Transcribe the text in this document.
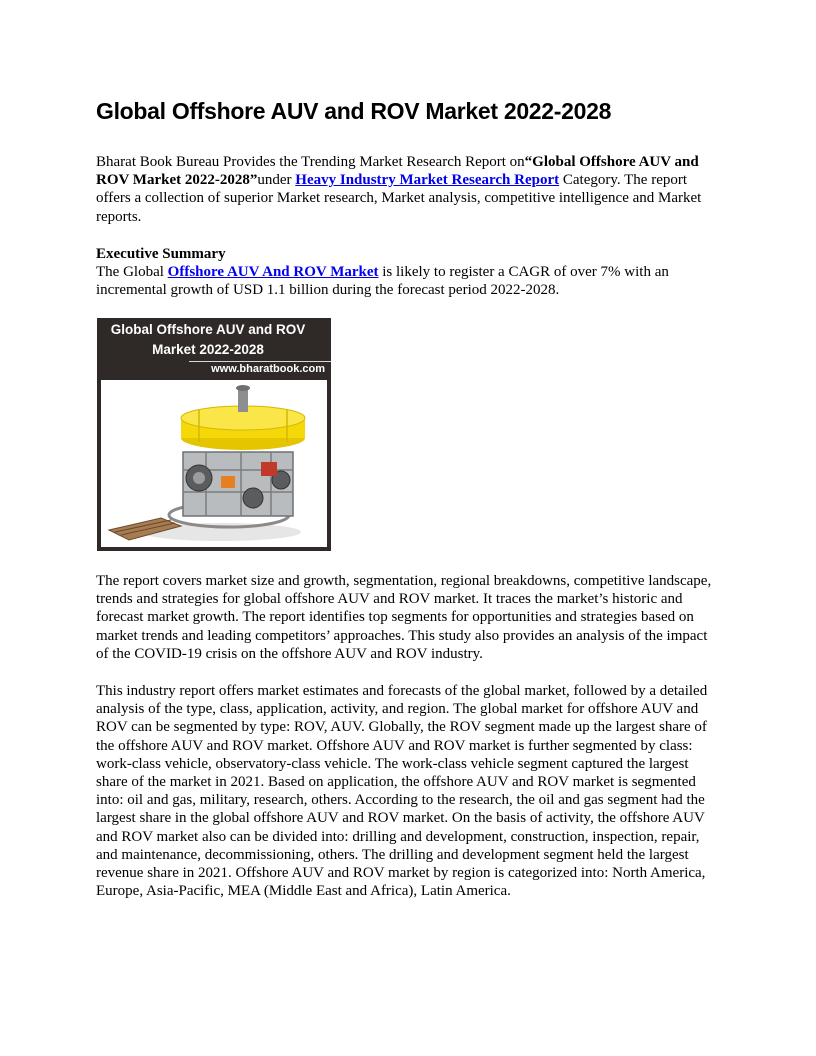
Global Offshore AUV and ROV Market 2022-2028

Bharat Book Bureau Provides the Trending Market Research Report on“Global Offshore AUV and ROV Market 2022-2028”under Heavy Industry Market Research Report Category. The report offers a collection of superior Market research, Market analysis, competitive intelligence and Market reports.

Executive Summary
The Global Offshore AUV And ROV Market is likely to register a CAGR of over 7% with an incremental growth of USD 1.1 billion during the forecast period 2022-2028.

Global Offshore AUV and ROV
Market 2022-2028
www.bharatbook.com

The report covers market size and growth, segmentation, regional breakdowns, competitive landscape, trends and strategies for global offshore AUV and ROV market. It traces the market’s historic and forecast market growth. The report identifies top segments for opportunities and strategies based on market trends and leading competitors’ approaches. This study also provides an analysis of the impact of the COVID-19 crisis on the offshore AUV and ROV industry.

This industry report offers market estimates and forecasts of the global market, followed by a detailed analysis of the type, class, application, activity, and region. The global market for offshore AUV and ROV can be segmented by type: ROV, AUV. Globally, the ROV segment made up the largest share of the offshore AUV and ROV market. Offshore AUV and ROV market is further segmented by class: work-class vehicle, observatory-class vehicle. The work-class vehicle segment captured the largest share of the market in 2021. Based on application, the offshore AUV and ROV market is segmented into: oil and gas, military, research, others. According to the research, the oil and gas segment had the largest share in the global offshore AUV and ROV market. On the basis of activity, the offshore AUV and ROV market also can be divided into: drilling and development, construction, inspection, repair, and maintenance, decommissioning, others. The drilling and development segment held the largest revenue share in 2021. Offshore AUV and ROV market by region is categorized into: North America, Europe, Asia-Pacific, MEA (Middle East and Africa), Latin America.
